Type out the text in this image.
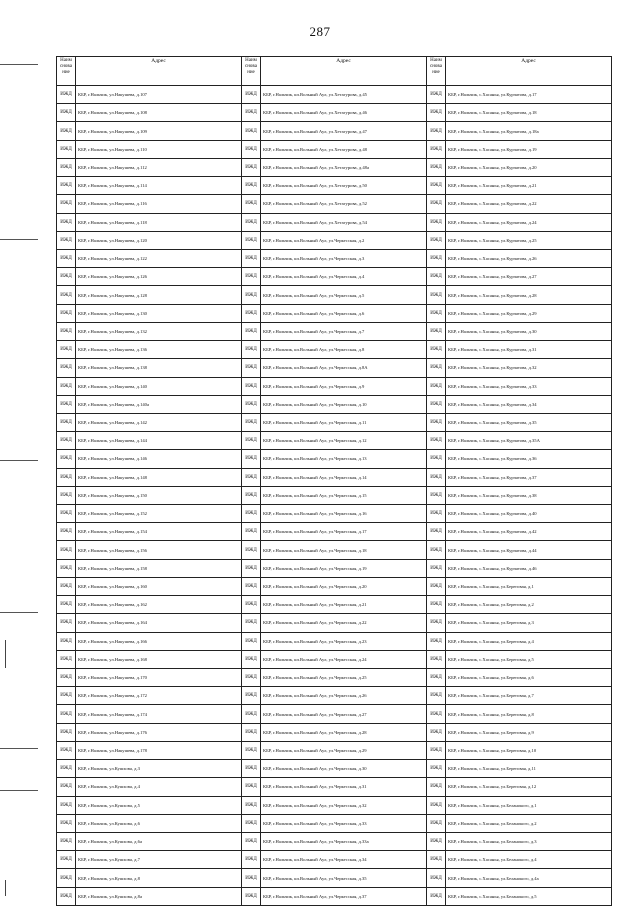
287
Наим снова ние	Адрес	Наим снова ние	Адрес	Наим снова ние	Адрес
ИЖД	КБР, г.Нальчик, ул.Накушева, д.107	ИЖД	КБР, г.Нальчик, кп.Вольный Аул, ул.Хетагурова, д.45	ИЖД	КБР, г.Нальчик, с.Хасанья, ул.Курчатова, д.17
ИЖД	КБР, г.Нальчик, ул.Накушева, д.108	ИЖД	КБР, г.Нальчик, кп.Вольный Аул, ул.Хетагурова, д.46	ИЖД	КБР, г.Нальчик, с.Хасанья, ул.Курчатова, д.18
ИЖД	КБР, г.Нальчик, ул.Накушева, д.109	ИЖД	КБР, г.Нальчик, кп.Вольный Аул, ул.Хетагурова, д.47	ИЖД	КБР, г.Нальчик, с.Хасанья, ул.Курчатова, д.18а
ИЖД	КБР, г.Нальчик, ул.Накушева, д.110	ИЖД	КБР, г.Нальчик, кп.Вольный Аул, ул.Хетагурова, д.48	ИЖД	КБР, г.Нальчик, с.Хасанья, ул.Курчатова, д.19
ИЖД	КБР, г.Нальчик, ул.Накушева, д.112	ИЖД	КБР, г.Нальчик, кп.Вольный Аул, ул.Хетагурова, д.48а	ИЖД	КБР, г.Нальчик, с.Хасанья, ул.Курчатова, д.20
ИЖД	КБР, г.Нальчик, ул.Накушева, д.114	ИЖД	КБР, г.Нальчик, кп.Вольный Аул, ул.Хетагурова, д.50	ИЖД	КБР, г.Нальчик, с.Хасанья, ул.Курчатова, д.21
ИЖД	КБР, г.Нальчик, ул.Накушева, д.116	ИЖД	КБР, г.Нальчик, кп.Вольный Аул, ул.Хетагурова, д.52	ИЖД	КБР, г.Нальчик, с.Хасанья, ул.Курчатова, д.22
ИЖД	КБР, г.Нальчик, ул.Накушева, д.118	ИЖД	КБР, г.Нальчик, кп.Вольный Аул, ул.Хетагурова, д.54	ИЖД	КБР, г.Нальчик, с.Хасанья, ул.Курчатова, д.24
ИЖД	КБР, г.Нальчик, ул.Накушева, д.120	ИЖД	КБР, г.Нальчик, кп.Вольный Аул, ул.Черкесская, д.2	ИЖД	КБР, г.Нальчик, с.Хасанья, ул.Курчатова, д.25
ИЖД	КБР, г.Нальчик, ул.Накушева, д.122	ИЖД	КБР, г.Нальчик, кп.Вольный Аул, ул.Черкесская, д.3	ИЖД	КБР, г.Нальчик, с.Хасанья, ул.Курчатова, д.26
ИЖД	КБР, г.Нальчик, ул.Накушева, д.126	ИЖД	КБР, г.Нальчик, кп.Вольный Аул, ул.Черкесская, д.4	ИЖД	КБР, г.Нальчик, с.Хасанья, ул.Курчатова, д.27
ИЖД	КБР, г.Нальчик, ул.Накушева, д.128	ИЖД	КБР, г.Нальчик, кп.Вольный Аул, ул.Черкесская, д.5	ИЖД	КБР, г.Нальчик, с.Хасанья, ул.Курчатова, д.28
ИЖД	КБР, г.Нальчик, ул.Накушева, д.130	ИЖД	КБР, г.Нальчик, кп.Вольный Аул, ул.Черкесская, д.6	ИЖД	КБР, г.Нальчик, с.Хасанья, ул.Курчатова, д.29
ИЖД	КБР, г.Нальчик, ул.Накушева, д.132	ИЖД	КБР, г.Нальчик, кп.Вольный Аул, ул.Черкесская, д.7	ИЖД	КБР, г.Нальчик, с.Хасанья, ул.Курчатова, д.30
ИЖД	КБР, г.Нальчик, ул.Накушева, д.136	ИЖД	КБР, г.Нальчик, кп.Вольный Аул, ул.Черкесская, д.8	ИЖД	КБР, г.Нальчик, с.Хасанья, ул.Курчатова, д.31
ИЖД	КБР, г.Нальчик, ул.Накушева, д.138	ИЖД	КБР, г.Нальчик, кп.Вольный Аул, ул.Черкесская, д.8А	ИЖД	КБР, г.Нальчик, с.Хасанья, ул.Курчатова, д.32
ИЖД	КБР, г.Нальчик, ул.Накушева, д.140	ИЖД	КБР, г.Нальчик, кп.Вольный Аул, ул.Черкесская, д.9	ИЖД	КБР, г.Нальчик, с.Хасанья, ул.Курчатова, д.33
ИЖД	КБР, г.Нальчик, ул.Накушева, д.140а	ИЖД	КБР, г.Нальчик, кп.Вольный Аул, ул.Черкесская, д.10	ИЖД	КБР, г.Нальчик, с.Хасанья, ул.Курчатова, д.34
ИЖД	КБР, г.Нальчик, ул.Накушева, д.142	ИЖД	КБР, г.Нальчик, кп.Вольный Аул, ул.Черкесская, д.11	ИЖД	КБР, г.Нальчик, с.Хасанья, ул.Курчатова, д.35
ИЖД	КБР, г.Нальчик, ул.Накушева, д.144	ИЖД	КБР, г.Нальчик, кп.Вольный Аул, ул.Черкесская, д.12	ИЖД	КБР, г.Нальчик, с.Хасанья, ул.Курчатова, д.35А
ИЖД	КБР, г.Нальчик, ул.Накушева, д.146	ИЖД	КБР, г.Нальчик, кп.Вольный Аул, ул.Черкесская, д.13	ИЖД	КБР, г.Нальчик, с.Хасанья, ул.Курчатова, д.36
ИЖД	КБР, г.Нальчик, ул.Накушева, д.148	ИЖД	КБР, г.Нальчик, кп.Вольный Аул, ул.Черкесская, д.14	ИЖД	КБР, г.Нальчик, с.Хасанья, ул.Курчатова, д.37
ИЖД	КБР, г.Нальчик, ул.Накушева, д.150	ИЖД	КБР, г.Нальчик, кп.Вольный Аул, ул.Черкесская, д.15	ИЖД	КБР, г.Нальчик, с.Хасанья, ул.Курчатова, д.38
ИЖД	КБР, г.Нальчик, ул.Накушева, д.152	ИЖД	КБР, г.Нальчик, кп.Вольный Аул, ул.Черкесская, д.16	ИЖД	КБР, г.Нальчик, с.Хасанья, ул.Курчатова, д.40
ИЖД	КБР, г.Нальчик, ул.Накушева, д.154	ИЖД	КБР, г.Нальчик, кп.Вольный Аул, ул.Черкесская, д.17	ИЖД	КБР, г.Нальчик, с.Хасанья, ул.Курчатова, д.42
ИЖД	КБР, г.Нальчик, ул.Накушева, д.156	ИЖД	КБР, г.Нальчик, кп.Вольный Аул, ул.Черкесская, д.18	ИЖД	КБР, г.Нальчик, с.Хасанья, ул.Курчатова, д.44
ИЖД	КБР, г.Нальчик, ул.Накушева, д.158	ИЖД	КБР, г.Нальчик, кп.Вольный Аул, ул.Черкесская, д.19	ИЖД	КБР, г.Нальчик, с.Хасанья, ул.Курчатова, д.46
ИЖД	КБР, г.Нальчик, ул.Накушева, д.160	ИЖД	КБР, г.Нальчик, кп.Вольный Аул, ул.Черкесская, д.20	ИЖД	КБР, г.Нальчик, с.Хасанья, ул.Береговая, д.1
ИЖД	КБР, г.Нальчик, ул.Накушева, д.162	ИЖД	КБР, г.Нальчик, кп.Вольный Аул, ул.Черкесская, д.21	ИЖД	КБР, г.Нальчик, с.Хасанья, ул.Береговая, д.2
ИЖД	КБР, г.Нальчик, ул.Накушева, д.164	ИЖД	КБР, г.Нальчик, кп.Вольный Аул, ул.Черкесская, д.22	ИЖД	КБР, г.Нальчик, с.Хасанья, ул.Береговая, д.3
ИЖД	КБР, г.Нальчик, ул.Накушева, д.166	ИЖД	КБР, г.Нальчик, кп.Вольный Аул, ул.Черкесская, д.23	ИЖД	КБР, г.Нальчик, с.Хасанья, ул.Береговая, д.4
ИЖД	КБР, г.Нальчик, ул.Накушева, д.168	ИЖД	КБР, г.Нальчик, кп.Вольный Аул, ул.Черкесская, д.24	ИЖД	КБР, г.Нальчик, с.Хасанья, ул.Береговая, д.5
ИЖД	КБР, г.Нальчик, ул.Накушева, д.170	ИЖД	КБР, г.Нальчик, кп.Вольный Аул, ул.Черкесская, д.25	ИЖД	КБР, г.Нальчик, с.Хасанья, ул.Береговая, д.6
ИЖД	КБР, г.Нальчик, ул.Накушева, д.172	ИЖД	КБР, г.Нальчик, кп.Вольный Аул, ул.Черкесская, д.26	ИЖД	КБР, г.Нальчик, с.Хасанья, ул.Береговая, д.7
ИЖД	КБР, г.Нальчик, ул.Накушева, д.174	ИЖД	КБР, г.Нальчик, кп.Вольный Аул, ул.Черкесская, д.27	ИЖД	КБР, г.Нальчик, с.Хасанья, ул.Береговая, д.8
ИЖД	КБР, г.Нальчик, ул.Накушева, д.176	ИЖД	КБР, г.Нальчик, кп.Вольный Аул, ул.Черкесская, д.28	ИЖД	КБР, г.Нальчик, с.Хасанья, ул.Береговая, д.9
ИЖД	КБР, г.Нальчик, ул.Накушева, д.178	ИЖД	КБР, г.Нальчик, кп.Вольный Аул, ул.Черкесская, д.29	ИЖД	КБР, г.Нальчик, с.Хасанья, ул.Береговая, д.10
ИЖД	КБР, г.Нальчик, ул.Кушхова, д.3	ИЖД	КБР, г.Нальчик, кп.Вольный Аул, ул.Черкесская, д.30	ИЖД	КБР, г.Нальчик, с.Хасанья, ул.Береговая, д.11
ИЖД	КБР, г.Нальчик, ул.Кушхова, д.4	ИЖД	КБР, г.Нальчик, кп.Вольный Аул, ул.Черкесская, д.31	ИЖД	КБР, г.Нальчик, с.Хасанья, ул.Береговая, д.12
ИЖД	КБР, г.Нальчик, ул.Кушхова, д.5	ИЖД	КБР, г.Нальчик, кп.Вольный Аул, ул.Черкесская, д.32	ИЖД	КБР, г.Нальчик, с.Хасанья, ул.Беланокого, д.1
ИЖД	КБР, г.Нальчик, ул.Кушхова, д.6	ИЖД	КБР, г.Нальчик, кп.Вольный Аул, ул.Черкесская, д.33	ИЖД	КБР, г.Нальчик, с.Хасанья, ул.Беланокого, д.2
ИЖД	КБР, г.Нальчик, ул.Кушхова, д.6а	ИЖД	КБР, г.Нальчик, кп.Вольный Аул, ул.Черкесская, д.33а	ИЖД	КБР, г.Нальчик, с.Хасанья, ул.Беланокого, д.3
ИЖД	КБР, г.Нальчик, ул.Кушхова, д.7	ИЖД	КБР, г.Нальчик, кп.Вольный Аул, ул.Черкесская, д.34	ИЖД	КБР, г.Нальчик, с.Хасанья, ул.Беланокого, д.4
ИЖД	КБР, г.Нальчик, ул.Кушхова, д.8	ИЖД	КБР, г.Нальчик, кп.Вольный Аул, ул.Черкесская, д.35	ИЖД	КБР, г.Нальчик, с.Хасанья, ул.Беланокого, д.4а
ИЖД	КБР, г.Нальчик, ул.Кушхова, д.8а	ИЖД	КБР, г.Нальчик, кп.Вольный Аул, ул.Черкесская, д.37	ИЖД	КБР, г.Нальчик, с.Хасанья, ул.Беланокого, д.5
